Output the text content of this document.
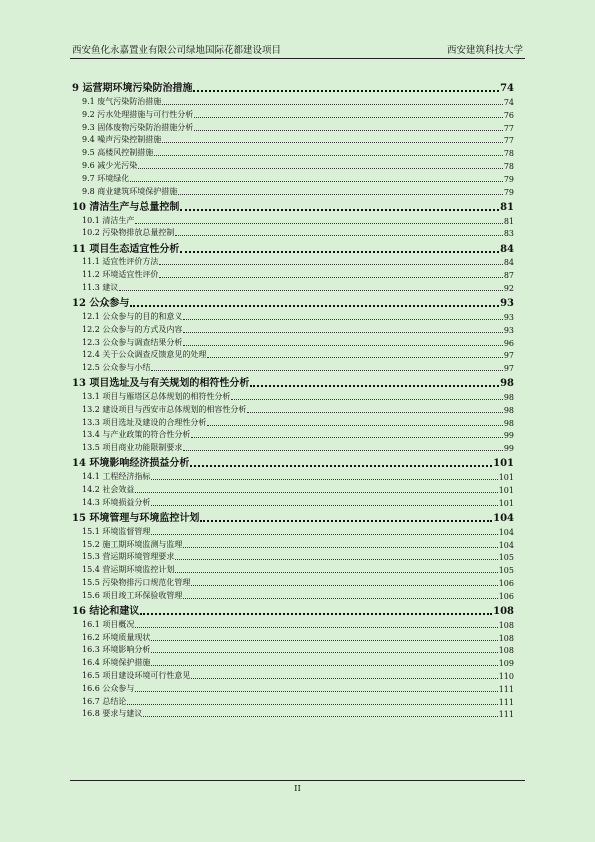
西安鱼化永嘉置业有限公司绿地国际花都建设项目	西安建筑科技大学
9 运营期环境污染防治措施	74
9.1 废气污染防治措施	74
9.2 污水处理措施与可行性分析	76
9.3 固体废物污染防治措施分析	77
9.4 噪声污染控制措施	77
9.5 高楼风控制措施	78
9.6 减少光污染	78
9.7 环境绿化	79
9.8 商业建筑环境保护措施	79
10 清洁生产与总量控制	81
10.1 清洁生产	81
10.2 污染物排放总量控制	83
11 项目生态适宜性分析	84
11.1 适宜性评价方法	84
11.2 环境适宜性评价	87
11.3 建议	92
12 公众参与	93
12.1 公众参与的目的和意义	93
12.2 公众参与的方式及内容	93
12.3 公众参与调查结果分析	96
12.4 关于公众调查反馈意见的处理	97
12.5 公众参与小结	97
13 项目选址及与有关规划的相符性分析	98
13.1 项目与雁塔区总体规划的相符性分析	98
13.2 建设项目与西安市总体规划的相容性分析	98
13.3 项目选址及建设的合理性分析	98
13.4 与产业政策的符合性分析	99
13.5 项目商业功能限制要求	99
14 环境影响经济损益分析	101
14.1 工程经济指标	101
14.2 社会效益	101
14.3 环境损益分析	101
15 环境管理与环境监控计划	104
15.1 环境监督管理	104
15.2 施工期环境监测与监理	104
15.3 营运期环境管理要求	105
15.4 营运期环境监控计划	105
15.5 污染物排污口规范化管理	106
15.6 项目竣工环保验收管理	106
16 结论和建议	108
16.1 项目概况	108
16.2 环境质量现状	108
16.3 环境影响分析	108
16.4 环境保护措施	109
16.5 项目建设环境可行性意见	110
16.6 公众参与	111
16.7 总结论	111
16.8 要求与建议	111
II
